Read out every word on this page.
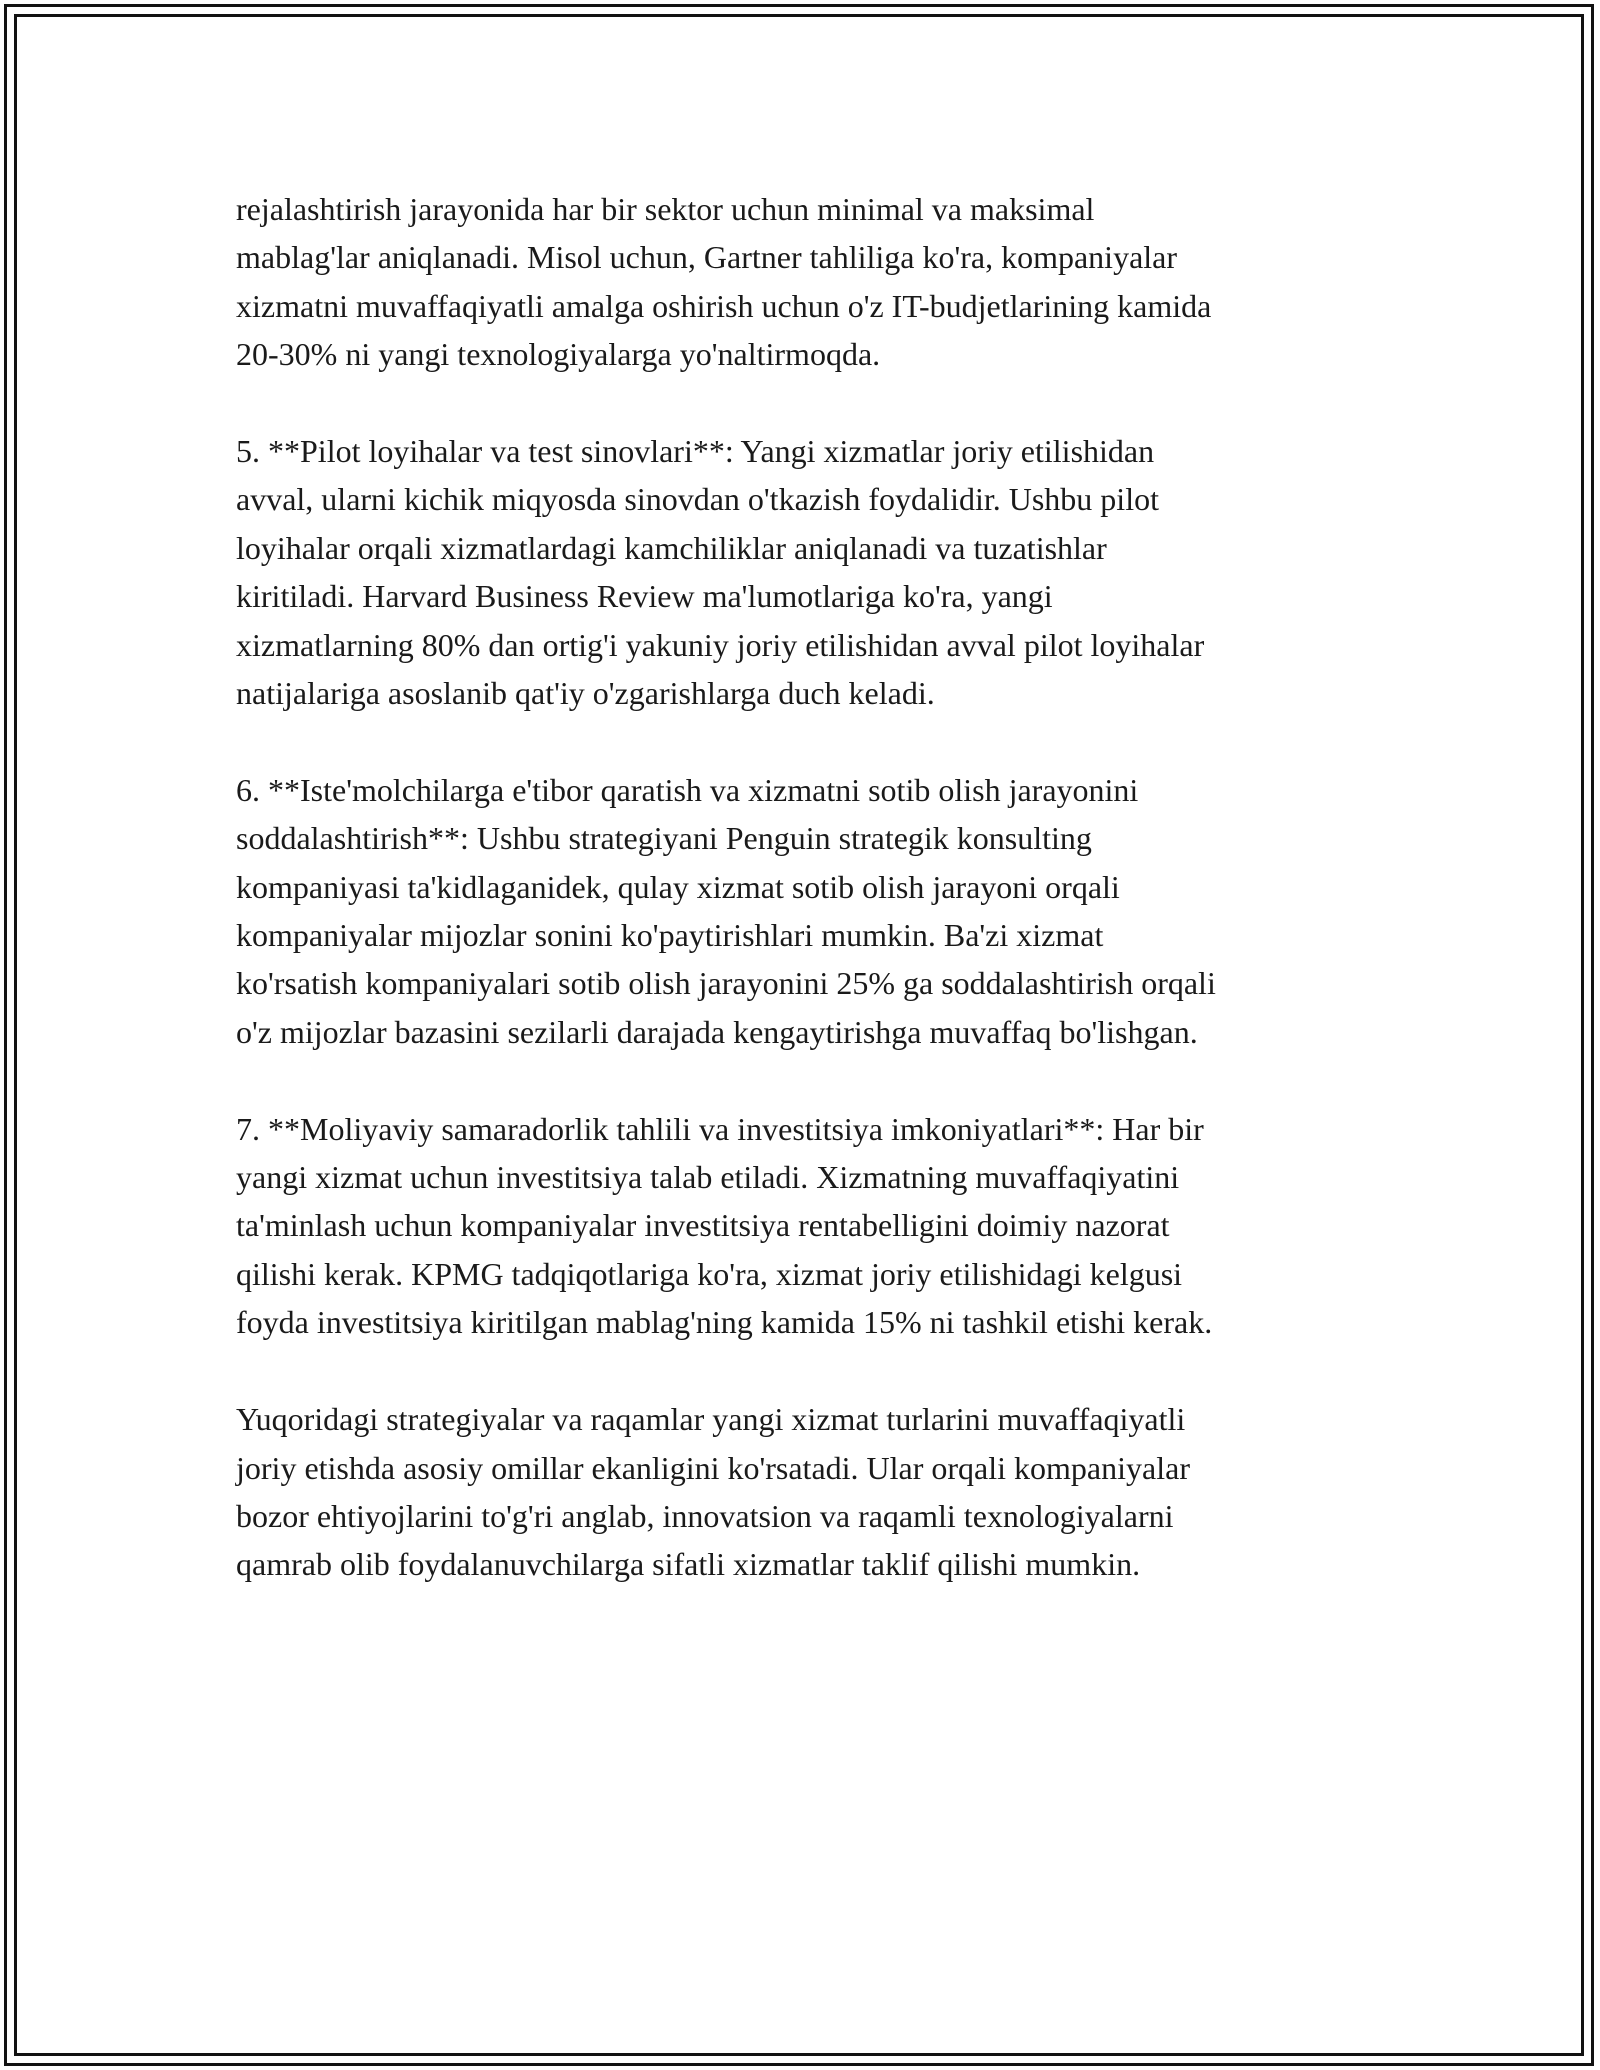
rejalashtirish jarayonida har bir sektor uchun minimal va maksimal
mablag'lar aniqlanadi. Misol uchun, Gartner tahliliga ko'ra, kompaniyalar
xizmatni muvaffaqiyatli amalga oshirish uchun o'z IT-budjetlarining kamida
20-30% ni yangi texnologiyalarga yo'naltirmoqda.

5. **Pilot loyihalar va test sinovlari**: Yangi xizmatlar joriy etilishidan
avval, ularni kichik miqyosda sinovdan o'tkazish foydalidir. Ushbu pilot
loyihalar orqali xizmatlardagi kamchiliklar aniqlanadi va tuzatishlar
kiritiladi. Harvard Business Review ma'lumotlariga ko'ra, yangi
xizmatlarning 80% dan ortig'i yakuniy joriy etilishidan avval pilot loyihalar
natijalariga asoslanib qat'iy o'zgarishlarga duch keladi.

6. **Iste'molchilarga e'tibor qaratish va xizmatni sotib olish jarayonini
soddalashtirish**: Ushbu strategiyani Penguin strategik konsulting
kompaniyasi ta'kidlaganidek, qulay xizmat sotib olish jarayoni orqali
kompaniyalar mijozlar sonini ko'paytirishlari mumkin. Ba'zi xizmat
ko'rsatish kompaniyalari sotib olish jarayonini 25% ga soddalashtirish orqali
o'z mijozlar bazasini sezilarli darajada kengaytirishga muvaffaq bo'lishgan.

7. **Moliyaviy samaradorlik tahlili va investitsiya imkoniyatlari**: Har bir
yangi xizmat uchun investitsiya talab etiladi. Xizmatning muvaffaqiyatini
ta'minlash uchun kompaniyalar investitsiya rentabelligini doimiy nazorat
qilishi kerak. KPMG tadqiqotlariga ko'ra, xizmat joriy etilishidagi kelgusi
foyda investitsiya kiritilgan mablag'ning kamida 15% ni tashkil etishi kerak.

Yuqoridagi strategiyalar va raqamlar yangi xizmat turlarini muvaffaqiyatli
joriy etishda asosiy omillar ekanligini ko'rsatadi. Ular orqali kompaniyalar
bozor ehtiyojlarini to'g'ri anglab, innovatsion va raqamli texnologiyalarni
qamrab olib foydalanuvchilarga sifatli xizmatlar taklif qilishi mumkin.
